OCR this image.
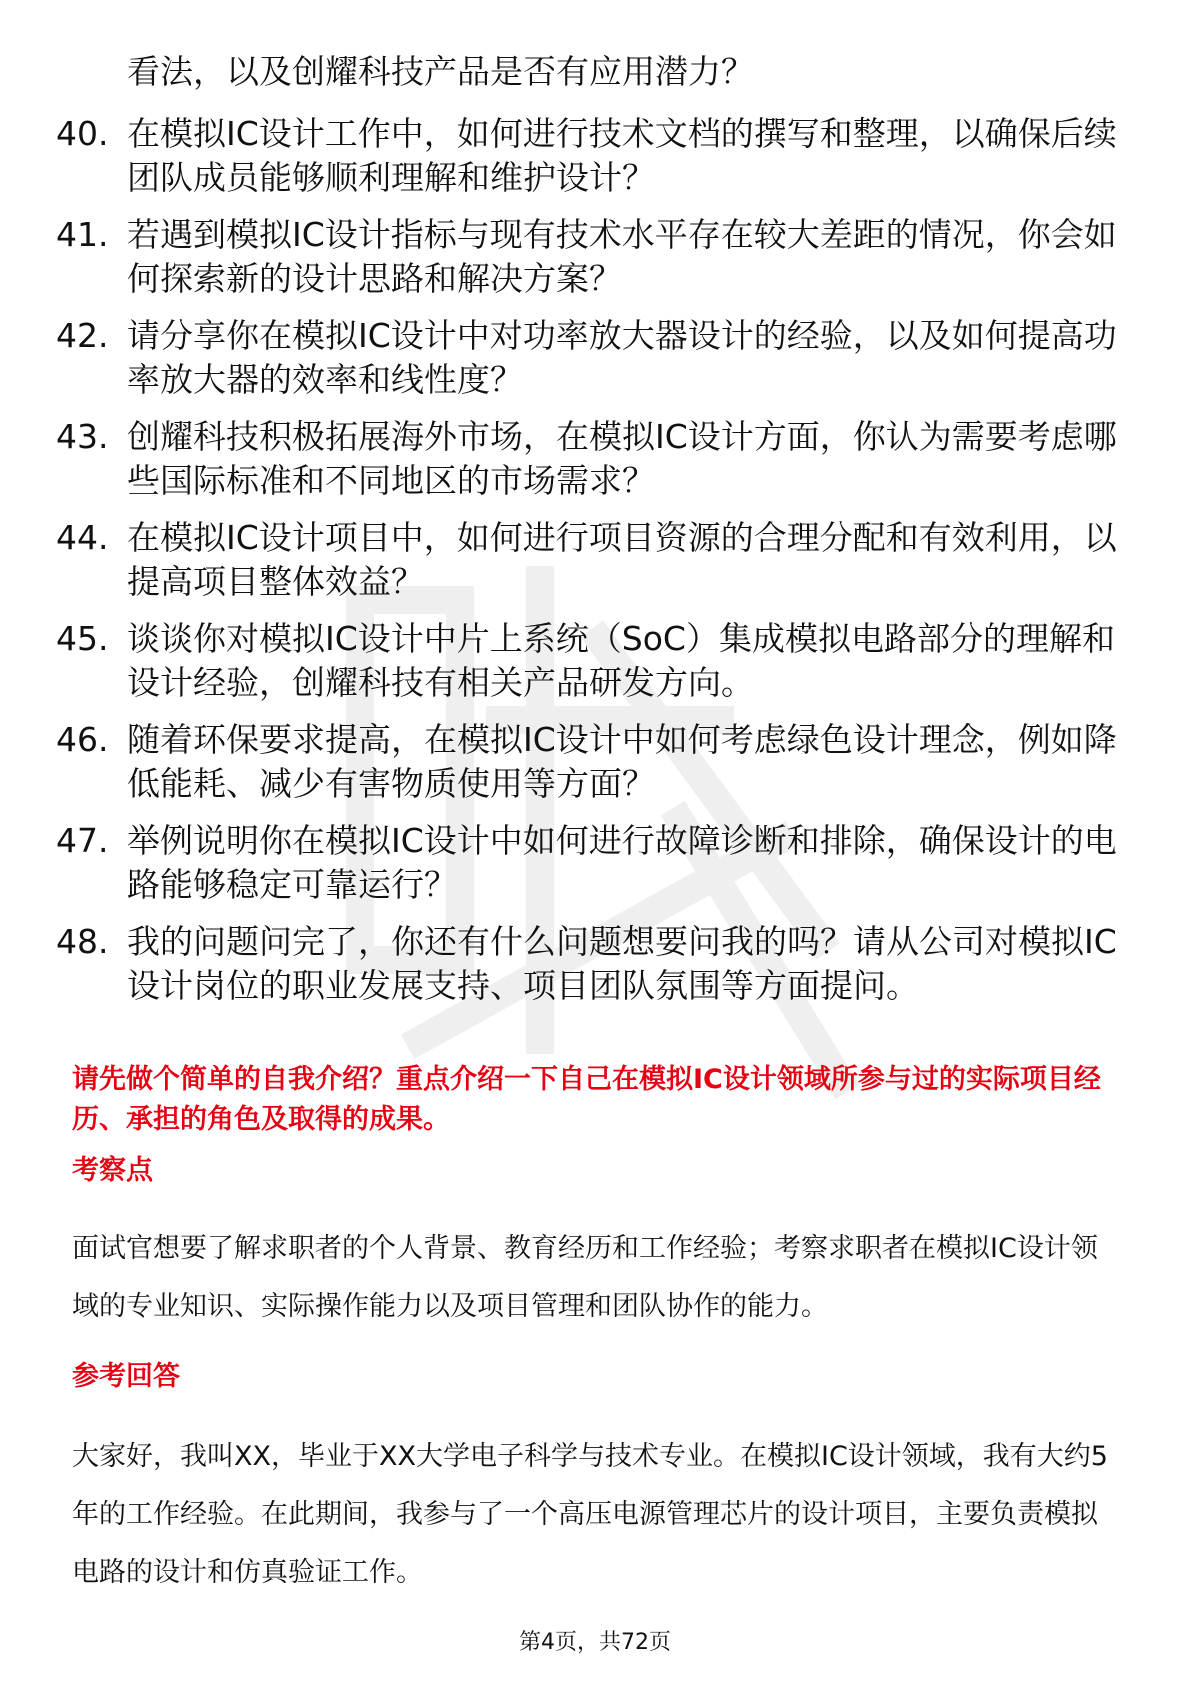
看法，以及创耀科技产品是否有应用潜力？
40. 在模拟IC设计工作中，如何进行技术文档的撰写和整理，以确保后续团队成员能够顺利理解和维护设计？
41. 若遇到模拟IC设计指标与现有技术水平存在较大差距的情况，你会如何探索新的设计思路和解决方案？
42. 请分享你在模拟IC设计中对功率放大器设计的经验，以及如何提高功率放大器的效率和线性度？
43. 创耀科技积极拓展海外市场，在模拟IC设计方面，你认为需要考虑哪些国际标准和不同地区的市场需求？
44. 在模拟IC设计项目中，如何进行项目资源的合理分配和有效利用，以提高项目整体效益？
45. 谈谈你对模拟IC设计中片上系统（SoC）集成模拟电路部分的理解和设计经验，创耀科技有相关产品研发方向。
46. 随着环保要求提高，在模拟IC设计中如何考虑绿色设计理念，例如降低能耗、减少有害物质使用等方面？
47. 举例说明你在模拟IC设计中如何进行故障诊断和排除，确保设计的电路能够稳定可靠运行？
48. 我的问题问完了，你还有什么问题想要问我的吗？请从公司对模拟IC设计岗位的职业发展支持、项目团队氛围等方面提问。
请先做个简单的自我介绍？重点介绍一下自己在模拟IC设计领域所参与过的实际项目经历、承担的角色及取得的成果。
考察点
面试官想要了解求职者的个人背景、教育经历和工作经验；考察求职者在模拟IC设计领域的专业知识、实际操作能力以及项目管理和团队协作的能力。
参考回答
大家好，我叫XX，毕业于XX大学电子科学与技术专业。在模拟IC设计领域，我有大约5年的工作经验。在此期间，我参与了一个高压电源管理芯片的设计项目，主要负责模拟电路的设计和仿真验证工作。
第4页，共72页
